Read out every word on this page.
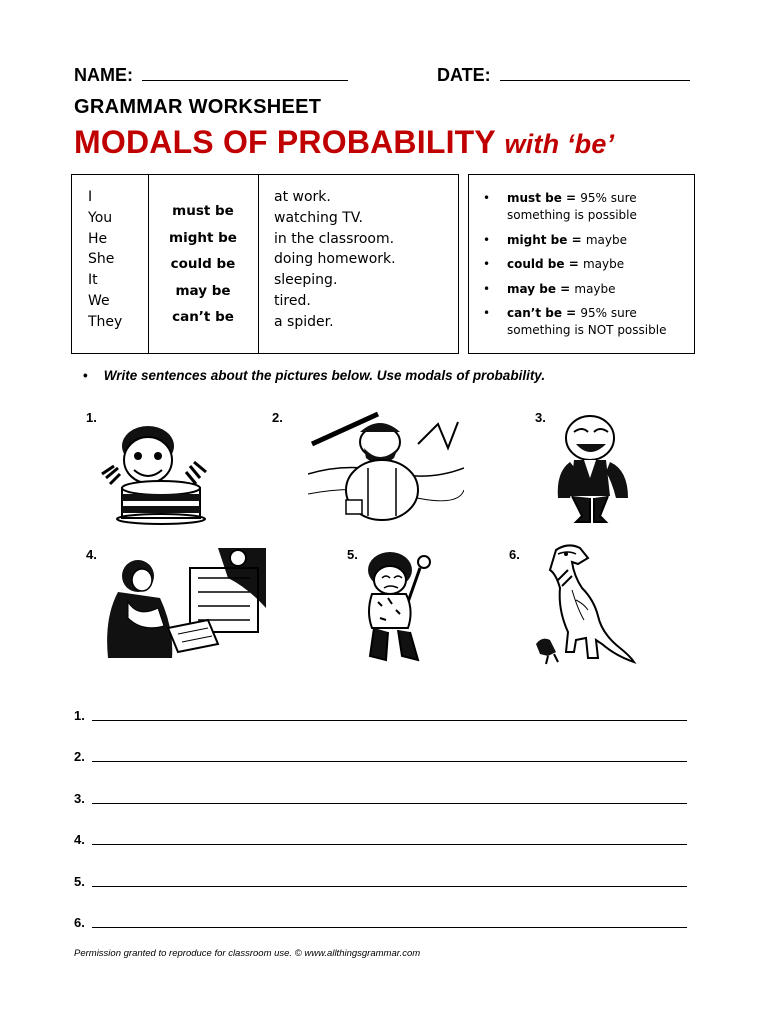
NAME:	DATE:
GRAMMAR WORKSHEET
MODALS OF PROBABILITY with ‘be’
I
You
He
She
It
We
They
must be
might be
could be
may be
can’t be
at work.
watching TV.
in the classroom.
doing homework.
sleeping.
tired.
a spider.
• must be = 95% sure
something is possible
• might be = maybe
• could be = maybe
• may be = maybe
• can’t be = 95% sure
something is NOT possible
• Write sentences about the pictures below. Use modals of probability.
1.	2.	3.
4.	5.	6.
1.
2.
3.
4.
5.
6.
Permission granted to reproduce for classroom use. © www.allthingsgrammar.com
